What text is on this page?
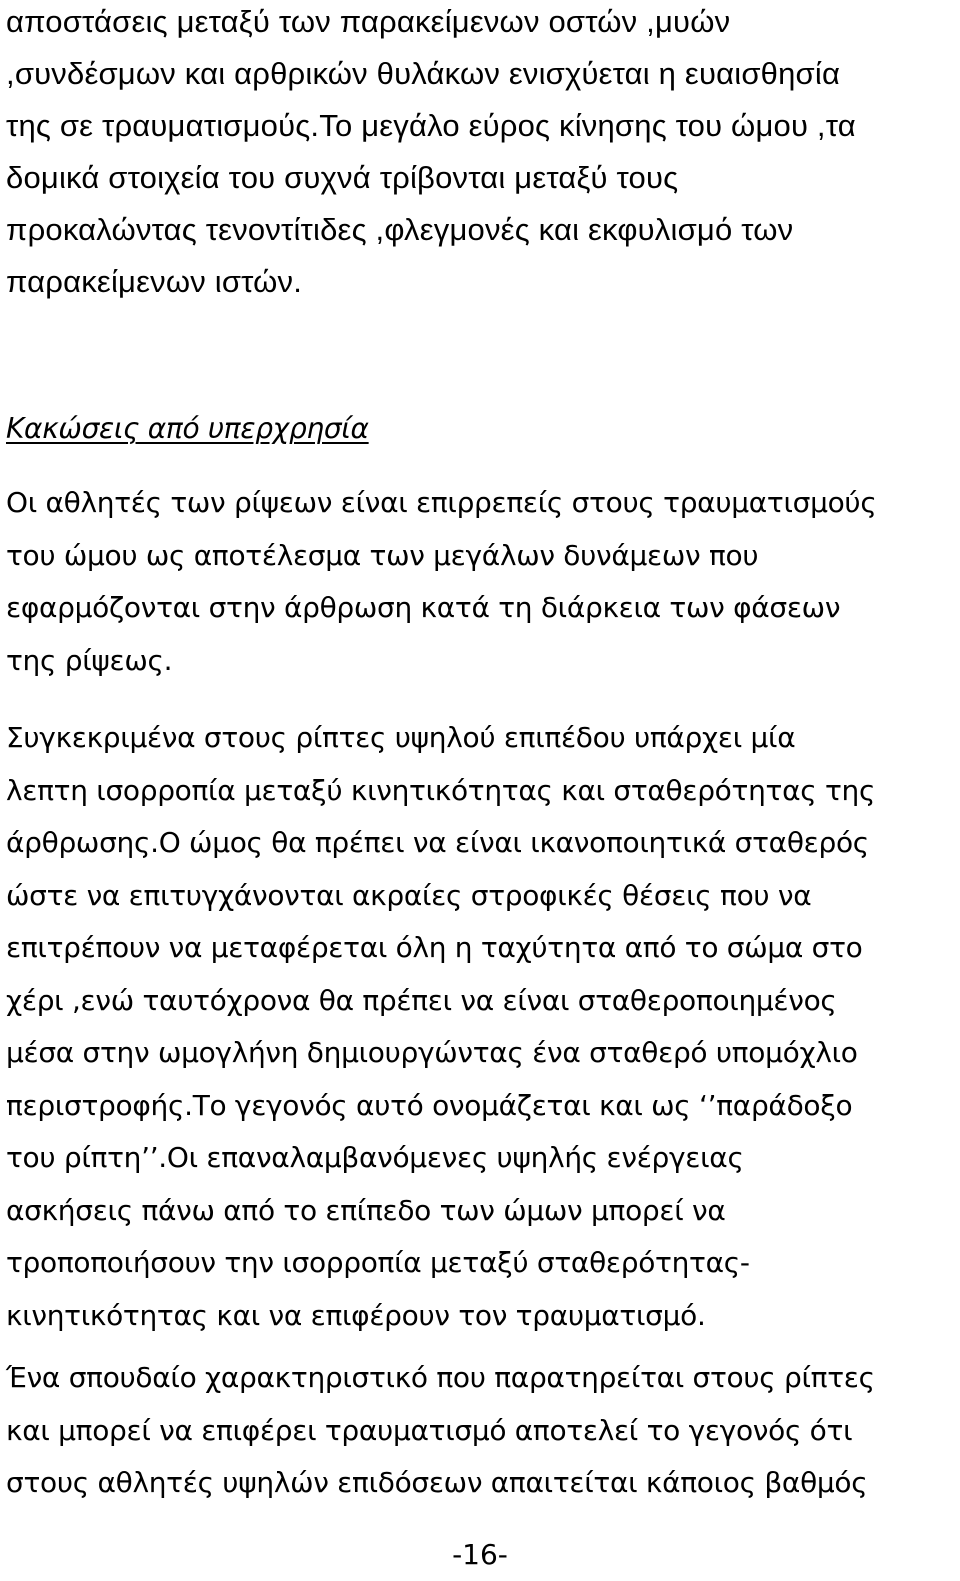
αποστάσεις μεταξύ των παρακείμενων οστών ,μυών
,συνδέσμων και αρθρικών θυλάκων ενισχύεται η ευαισθησία
της σε τραυματισμούς.Το μεγάλο εύρος κίνησης του ώμου ,τα
δομικά στοιχεία του συχνά τρίβονται μεταξύ τους
προκαλώντας τενοντίτιδες ,φλεγμονές και εκφυλισμό των
παρακείμενων ιστών.
Κακώσεις από υπερχρησία
Οι αθλητές των ρίψεων είναι επιρρεπείς στους τραυματισμούς
του ώμου ως αποτέλεσμα των μεγάλων δυνάμεων που
εφαρμόζονται στην άρθρωση κατά τη διάρκεια των φάσεων
της ρίψεως.
Συγκεκριμένα στους ρίπτες υψηλού επιπέδου υπάρχει μία
λεπτη ισορροπία μεταξύ κινητικότητας και σταθερότητας της
άρθρωσης.Ο ώμος θα πρέπει να είναι ικανοποιητικά σταθερός
ώστε να επιτυγχάνονται ακραίες στροφικές θέσεις που να
επιτρέπουν να μεταφέρεται όλη η ταχύτητα από το σώμα στο
χέρι ,ενώ ταυτόχρονα θα πρέπει να είναι σταθεροποιημένος
μέσα στην ωμογλήνη δημιουργώντας ένα σταθερό υπομόχλιο
περιστροφής.Το γεγονός αυτό ονομάζεται και ως ‘’παράδοξο
του ρίπτη’’.Οι επαναλαμβανόμενες υψηλής ενέργειας
ασκήσεις πάνω από το επίπεδο των ώμων μπορεί να
τροποποιήσουν την ισορροπία μεταξύ σταθερότητας-
κινητικότητας και να επιφέρουν τον τραυματισμό.
Ένα σπουδαίο χαρακτηριστικό που παρατηρείται στους ρίπτες
και μπορεί να επιφέρει τραυματισμό αποτελεί το γεγονός ότι
στους αθλητές υψηλών επιδόσεων απαιτείται κάποιος βαθμός
-16-
